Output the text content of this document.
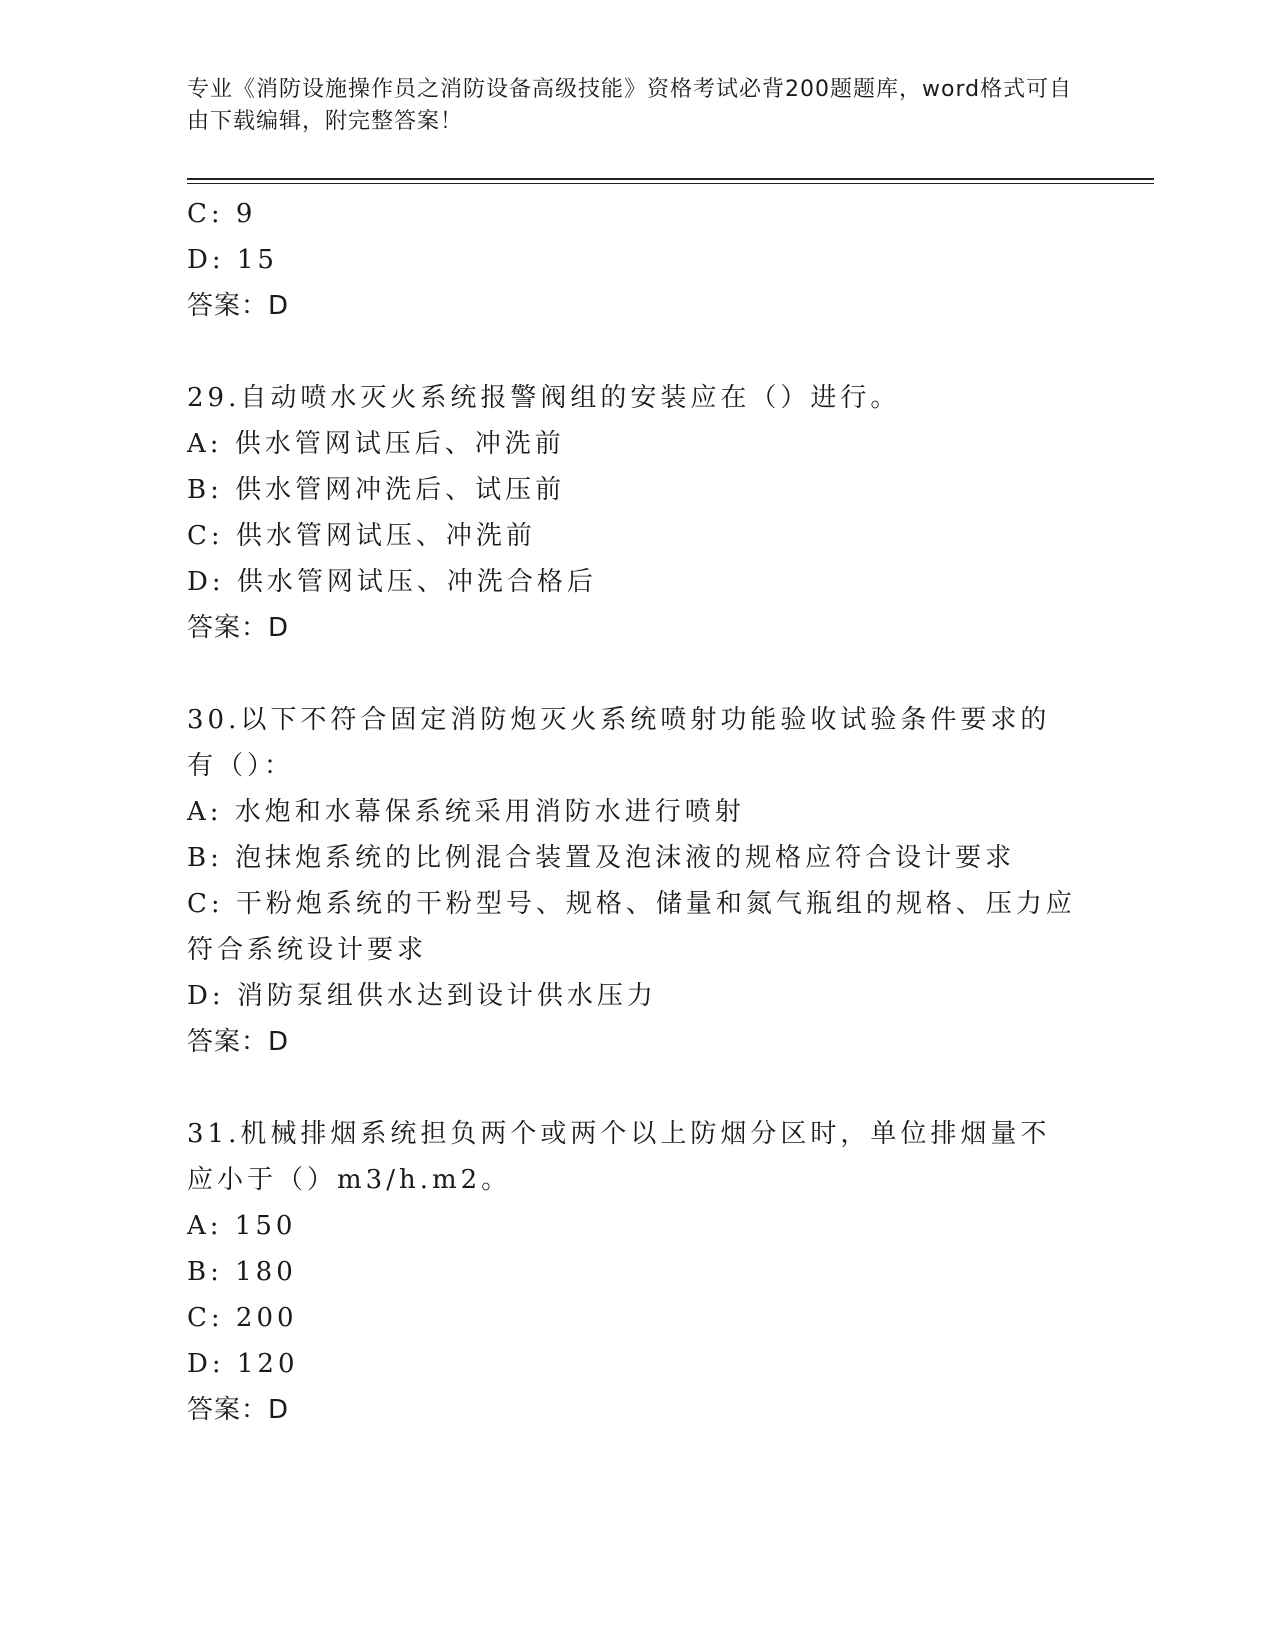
专业《消防设施操作员之消防设备高级技能》资格考试必背200题题库，word格式可自由下载编辑，附完整答案！
C: 9
D: 15
答案：D
29.自动喷水灭火系统报警阀组的安装应在（）进行。
A: 供水管网试压后、冲洗前
B: 供水管网冲洗后、试压前
C: 供水管网试压、冲洗前
D: 供水管网试压、冲洗合格后
答案：D
30.以下不符合固定消防炮灭火系统喷射功能验收试验条件要求的有（）：
A: 水炮和水幕保系统采用消防水进行喷射
B: 泡抹炮系统的比例混合装置及泡沫液的规格应符合设计要求
C: 干粉炮系统的干粉型号、规格、储量和氮气瓶组的规格、压力应符合系统设计要求
D: 消防泵组供水达到设计供水压力
答案：D
31.机械排烟系统担负两个或两个以上防烟分区时，单位排烟量不应小于（）m3/h.m2。
A: 150
B: 180
C: 200
D: 120
答案：D
